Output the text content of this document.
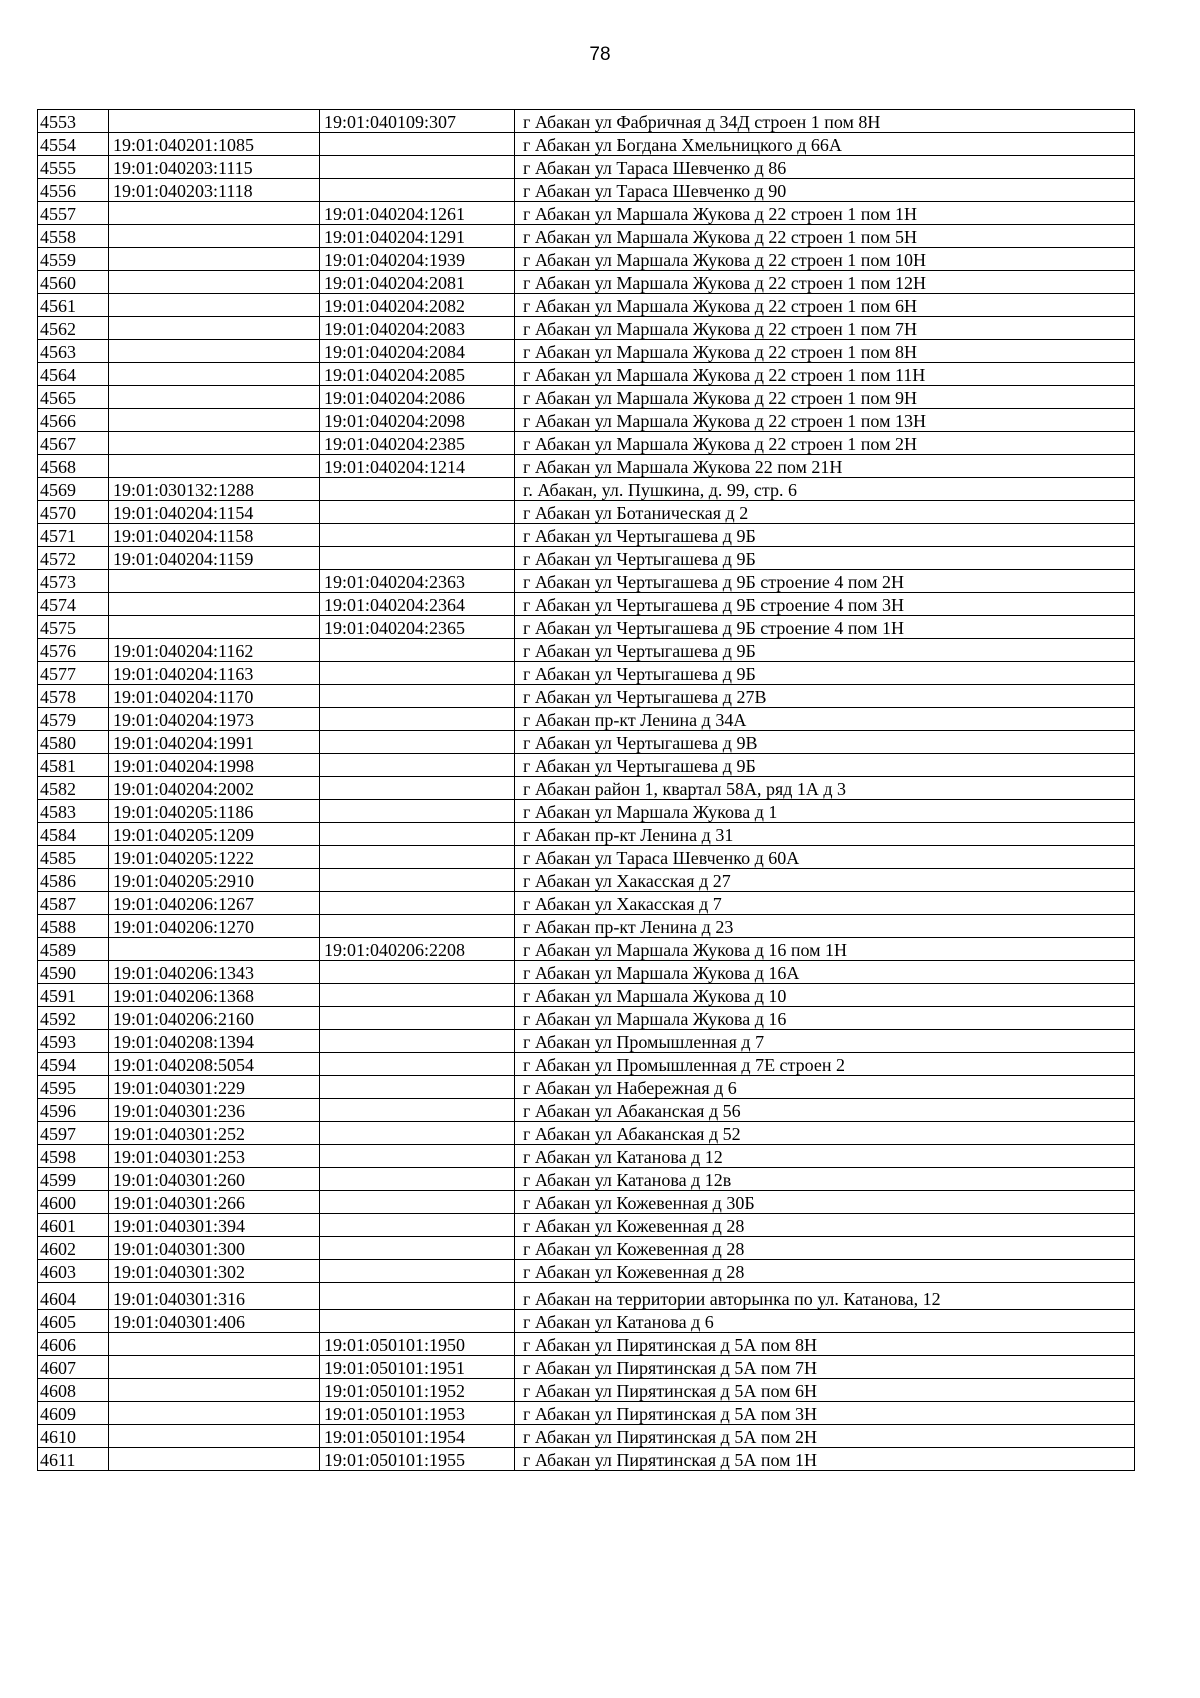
78
4553		19:01:040109:307	г Абакан ул Фабричная д 34Д строен 1 пом 8Н
4554	19:01:040201:1085		г Абакан ул Богдана Хмельницкого д 66А
4555	19:01:040203:1115		г Абакан ул Тараса Шевченко д 86
4556	19:01:040203:1118		г Абакан ул Тараса Шевченко д 90
4557		19:01:040204:1261	г Абакан ул Маршала Жукова д 22 строен 1 пом 1Н
4558		19:01:040204:1291	г Абакан ул Маршала Жукова д 22 строен 1 пом 5Н
4559		19:01:040204:1939	г Абакан ул Маршала Жукова д 22 строен 1 пом 10Н
4560		19:01:040204:2081	г Абакан ул Маршала Жукова д 22 строен 1 пом 12Н
4561		19:01:040204:2082	г Абакан ул Маршала Жукова д 22 строен 1 пом 6Н
4562		19:01:040204:2083	г Абакан ул Маршала Жукова д 22 строен 1 пом 7Н
4563		19:01:040204:2084	г Абакан ул Маршала Жукова д 22 строен 1 пом 8Н
4564		19:01:040204:2085	г Абакан ул Маршала Жукова д 22 строен 1 пом 11Н
4565		19:01:040204:2086	г Абакан ул Маршала Жукова д 22 строен 1 пом 9Н
4566		19:01:040204:2098	г Абакан ул Маршала Жукова д 22 строен 1 пом 13Н
4567		19:01:040204:2385	г Абакан ул Маршала Жукова д 22 строен 1 пом 2Н
4568		19:01:040204:1214	г Абакан ул Маршала Жукова 22 пом 21Н
4569	19:01:030132:1288		г. Абакан, ул. Пушкина, д. 99, стр. 6
4570	19:01:040204:1154		г Абакан ул Ботаническая д 2
4571	19:01:040204:1158		г Абакан ул Чертыгашева д 9Б
4572	19:01:040204:1159		г Абакан ул Чертыгашева д 9Б
4573		19:01:040204:2363	г Абакан ул Чертыгашева д 9Б строение 4 пом 2Н
4574		19:01:040204:2364	г Абакан ул Чертыгашева д 9Б строение 4 пом 3Н
4575		19:01:040204:2365	г Абакан ул Чертыгашева д 9Б строение 4 пом 1Н
4576	19:01:040204:1162		г Абакан ул Чертыгашева д 9Б
4577	19:01:040204:1163		г Абакан ул Чертыгашева д 9Б
4578	19:01:040204:1170		г Абакан ул Чертыгашева д 27В
4579	19:01:040204:1973		г Абакан пр-кт Ленина д 34А
4580	19:01:040204:1991		г Абакан ул Чертыгашева д 9В
4581	19:01:040204:1998		г Абакан ул Чертыгашева д 9Б
4582	19:01:040204:2002		г Абакан район 1, квартал 58А, ряд 1А д 3
4583	19:01:040205:1186		г Абакан ул Маршала Жукова д 1
4584	19:01:040205:1209		г Абакан пр-кт Ленина д 31
4585	19:01:040205:1222		г Абакан ул Тараса Шевченко д 60А
4586	19:01:040205:2910		г Абакан ул Хакасская д 27
4587	19:01:040206:1267		г Абакан ул Хакасская д 7
4588	19:01:040206:1270		г Абакан пр-кт Ленина д 23
4589		19:01:040206:2208	г Абакан ул Маршала Жукова д 16 пом 1Н
4590	19:01:040206:1343		г Абакан ул Маршала Жукова д 16А
4591	19:01:040206:1368		г Абакан ул Маршала Жукова д 10
4592	19:01:040206:2160		г Абакан ул Маршала Жукова д 16
4593	19:01:040208:1394		г Абакан ул Промышленная д 7
4594	19:01:040208:5054		г Абакан ул Промышленная д 7Е строен 2
4595	19:01:040301:229		г Абакан ул Набережная д 6
4596	19:01:040301:236		г Абакан ул Абаканская д 56
4597	19:01:040301:252		г Абакан ул Абаканская д 52
4598	19:01:040301:253		г Абакан ул Катанова д 12
4599	19:01:040301:260		г Абакан ул Катанова д 12в
4600	19:01:040301:266		г Абакан ул Кожевенная д 30Б
4601	19:01:040301:394		г Абакан ул Кожевенная д 28
4602	19:01:040301:300		г Абакан ул Кожевенная д 28
4603	19:01:040301:302		г Абакан ул Кожевенная д 28
4604	19:01:040301:316		г Абакан на территории авторынка по ул. Катанова, 12
4605	19:01:040301:406		г Абакан ул Катанова д 6
4606		19:01:050101:1950	г Абакан ул Пирятинская д 5А пом 8Н
4607		19:01:050101:1951	г Абакан ул Пирятинская д 5А пом 7Н
4608		19:01:050101:1952	г Абакан ул Пирятинская д 5А пом 6Н
4609		19:01:050101:1953	г Абакан ул Пирятинская д 5А пом 3Н
4610		19:01:050101:1954	г Абакан ул Пирятинская д 5А пом 2Н
4611		19:01:050101:1955	г Абакан ул Пирятинская д 5А пом 1Н
